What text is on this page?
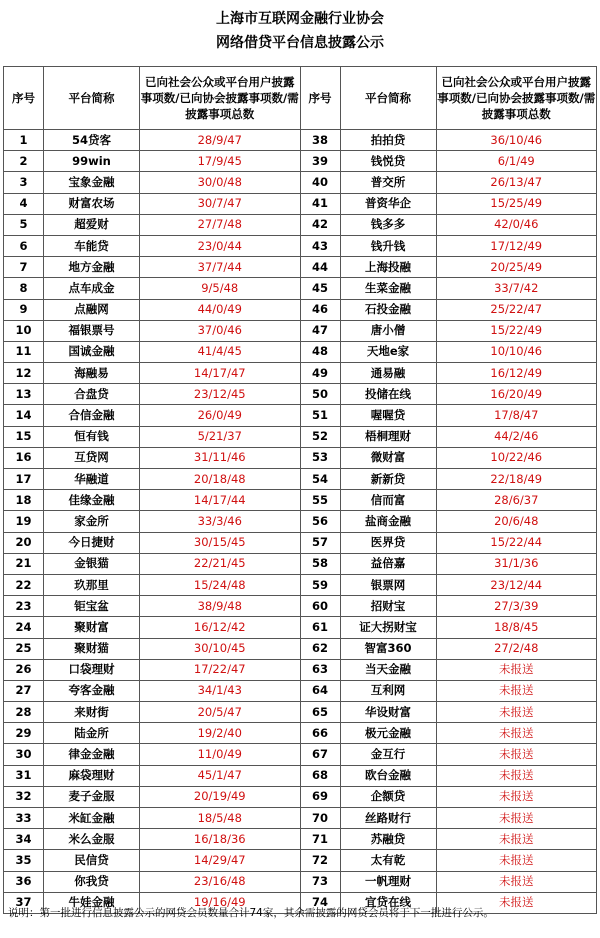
上海市互联网金融行业协会
网络借贷平台信息披露公示
序号	平台简称	已向社会公众或平台用户披露事项数/已向协会披露事项数/需披露事项总数	序号	平台简称	已向社会公众或平台用户披露事项数/已向协会披露事项数/需披露事项总数
1	54贷客	28/9/47	38	拍拍贷	36/10/46
2	99win	17/9/45	39	钱悦贷	6/1/49
3	宝象金融	30/0/48	40	普交所	26/13/47
4	财富农场	30/7/47	41	普资华企	15/25/49
5	超爱财	27/7/48	42	钱多多	42/0/46
6	车能贷	23/0/44	43	钱升钱	17/12/49
7	地方金融	37/7/44	44	上海投融	20/25/49
8	点车成金	9/5/48	45	生菜金融	33/7/42
9	点融网	44/0/49	46	石投金融	25/22/47
10	福银票号	37/0/46	47	唐小僧	15/22/49
11	国诚金融	41/4/45	48	天地e家	10/10/46
12	海融易	14/17/47	49	通易融	16/12/49
13	合盘贷	23/12/45	50	投储在线	16/20/49
14	合信金融	26/0/49	51	喔喔贷	17/8/47
15	恒有钱	5/21/37	52	梧桐理财	44/2/46
16	互贷网	31/11/46	53	微财富	10/22/46
17	华融道	20/18/48	54	新新贷	22/18/49
18	佳缘金融	14/17/44	55	信而富	28/6/37
19	家金所	33/3/46	56	盐商金融	20/6/48
20	今日捷财	30/15/45	57	医界贷	15/22/44
21	金银猫	22/21/45	58	益倍嘉	31/1/36
22	玖那里	15/24/48	59	银票网	23/12/44
23	钜宝盆	38/9/48	60	招财宝	27/3/39
24	聚财富	16/12/42	61	证大拐财宝	18/8/45
25	聚财猫	30/10/45	62	智富360	27/2/48
26	口袋理财	17/22/47	63	当天金融	未报送
27	夸客金融	34/1/43	64	互利网	未报送
28	来财街	20/5/47	65	华设财富	未报送
29	陆金所	19/2/40	66	极元金融	未报送
30	律金金融	11/0/49	67	金互行	未报送
31	麻袋理财	45/1/47	68	欧台金融	未报送
32	麦子金服	20/19/49	69	企额贷	未报送
33	米缸金融	18/5/48	70	丝路财行	未报送
34	米么金服	16/18/36	71	苏融贷	未报送
35	民信贷	14/29/47	72	太有乾	未报送
36	你我贷	23/16/48	73	一帆理财	未报送
37	牛娃金融	19/16/49	74	宜贷在线	未报送
说明：第一批进行信息披露公示的网贷会员数量合计74家，其余需披露的网贷会员将于下一批进行公示。
